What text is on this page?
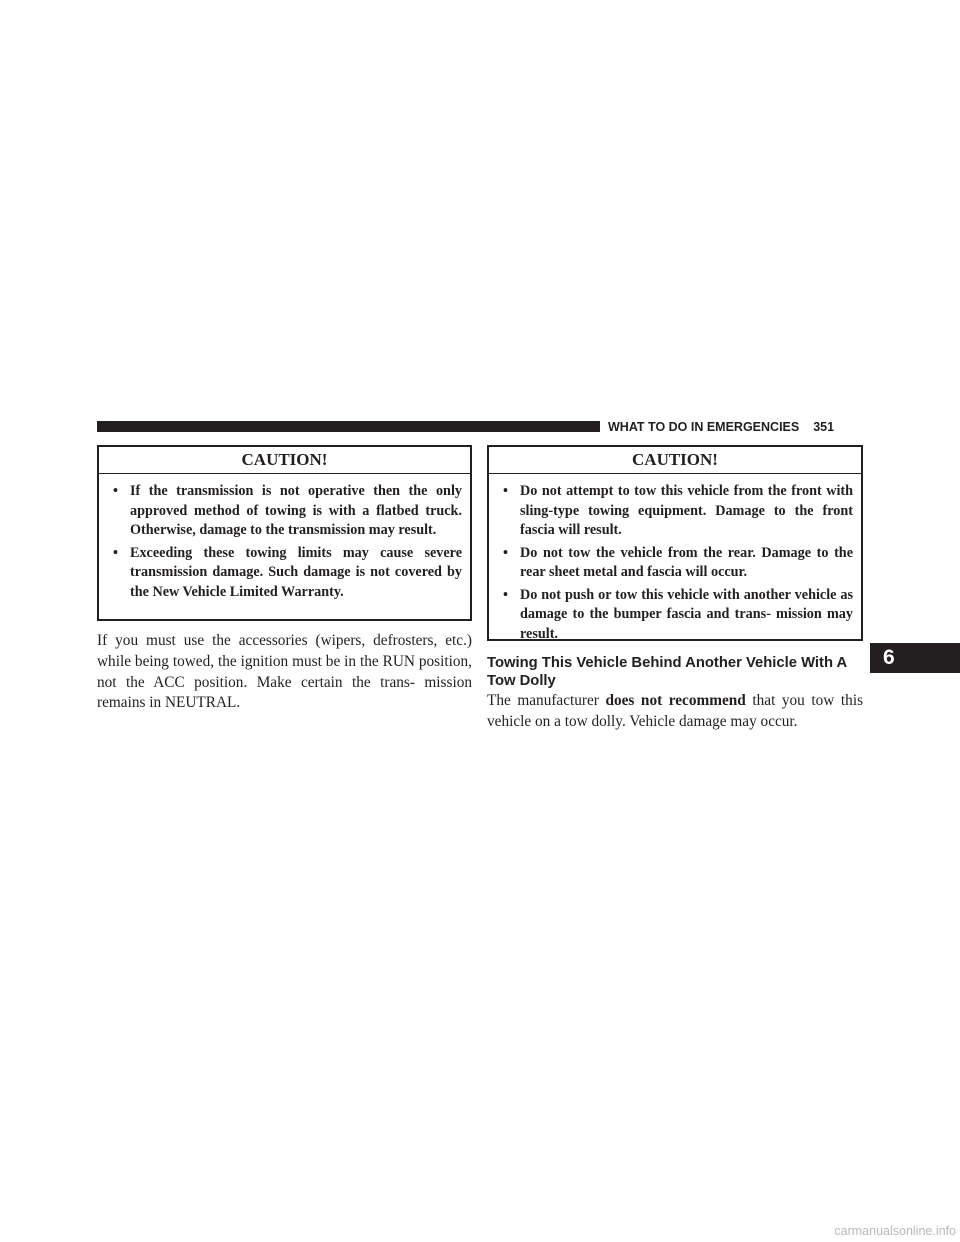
WHAT TO DO IN EMERGENCIES 351
CAUTION!
• If the transmission is not operative then the only approved method of towing is with a flatbed truck. Otherwise, damage to the transmission may result.
• Exceeding these towing limits may cause severe transmission damage. Such damage is not covered by the New Vehicle Limited Warranty.

If you must use the accessories (wipers, defrosters, etc.) while being towed, the ignition must be in the RUN position, not the ACC position. Make certain the trans- mission remains in NEUTRAL.

CAUTION!
• Do not attempt to tow this vehicle from the front with sling-type towing equipment. Damage to the front fascia will result.
• Do not tow the vehicle from the rear. Damage to the rear sheet metal and fascia will occur.
• Do not push or tow this vehicle with another vehicle as damage to the bumper fascia and trans- mission may result.
Towing This Vehicle Behind Another Vehicle With A Tow Dolly

The manufacturer does not recommend that you tow this vehicle on a tow dolly. Vehicle damage may occur.

6
carmanualsonline.info
